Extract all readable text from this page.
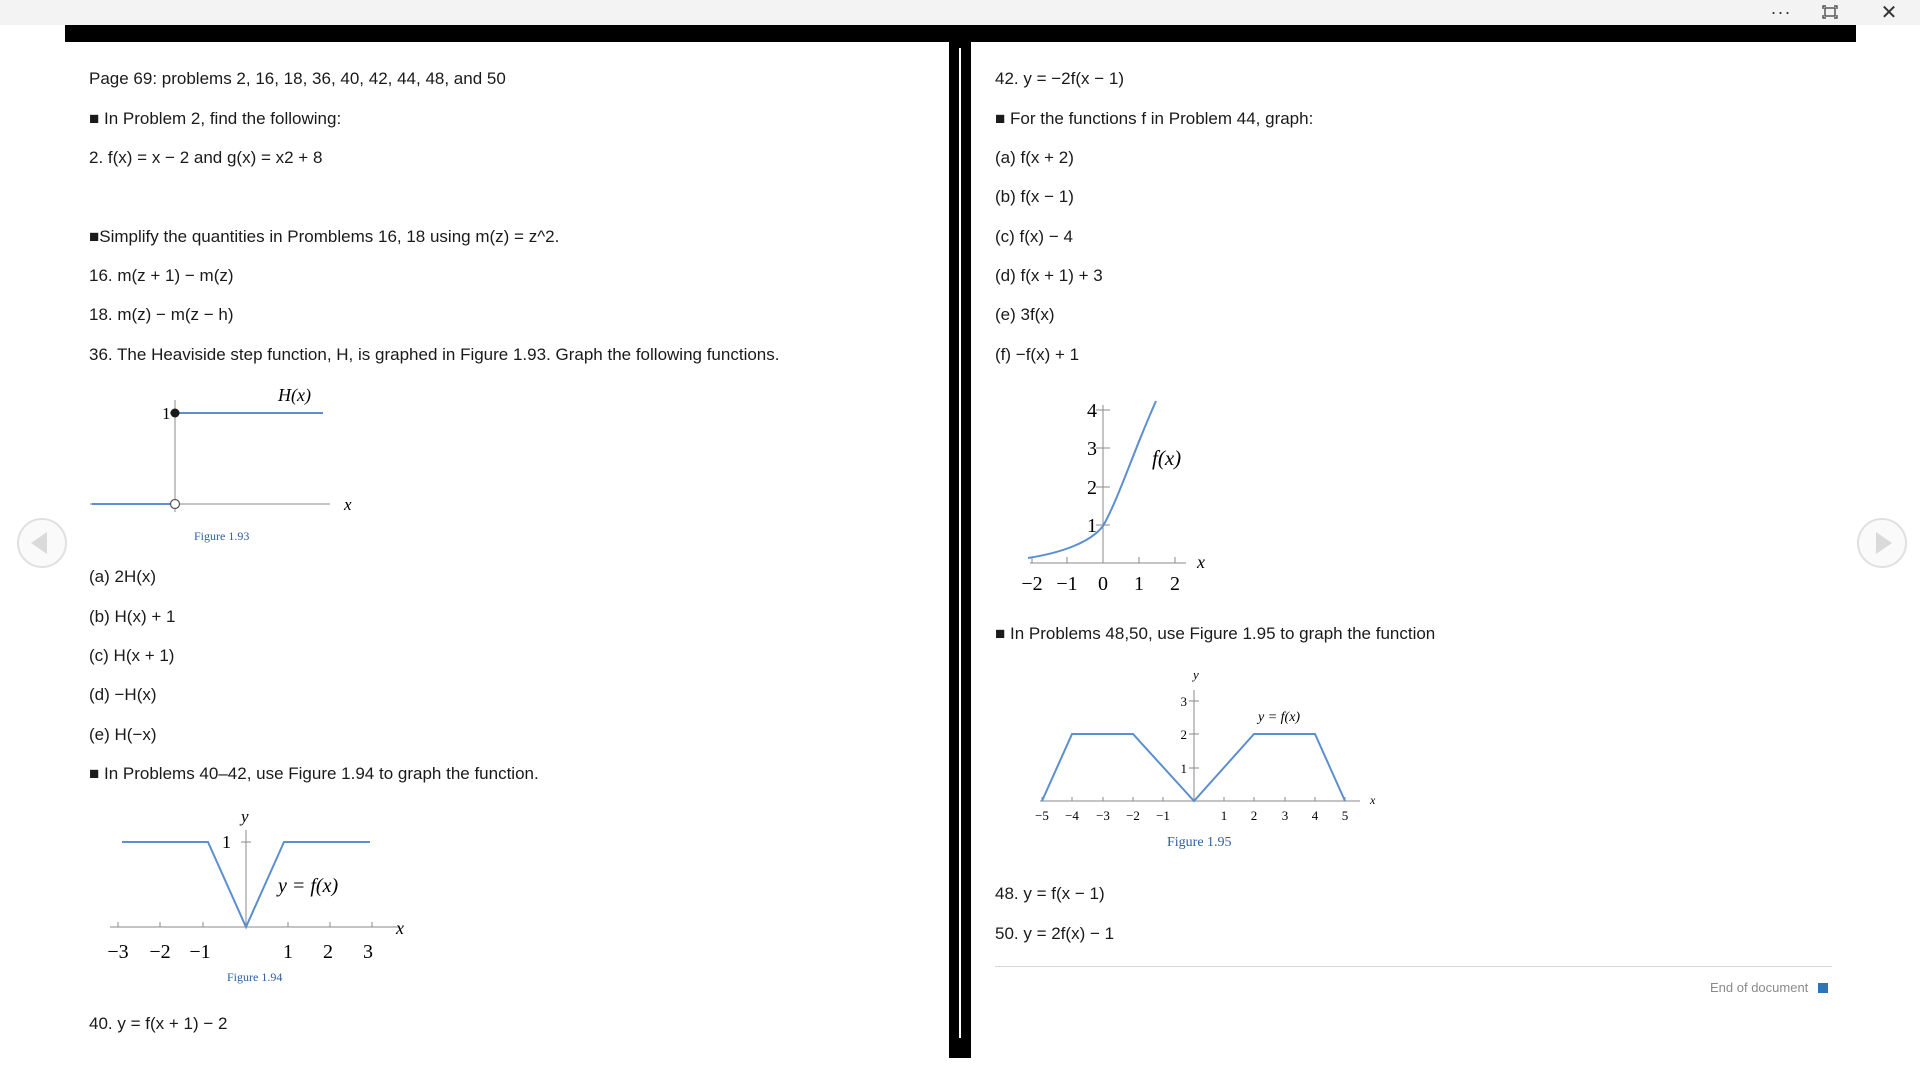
···	✕
Page 69: problems 2, 16, 18, 36, 40, 42, 44, 48, and 50
■ In Problem 2, find the following:
2. f(x) = x − 2 and g(x) = x2 + 8
■Simplify the quantities in Promblems 16, 18 using m(z) = z^2.
16. m(z + 1) − m(z)
18. m(z) − m(z − h)
36. The Heaviside step function, H, is graphed in Figure 1.93. Graph the following functions.
(a) 2H(x)
(b) H(x) + 1
(c) H(x + 1)
(d) −H(x)
(e) H(−x)
■ In Problems 40–42, use Figure 1.94 to graph the function.
40. y = f(x + 1) − 2
1
H(x)
x
Figure 1.93
y
1
y = f(x)
x
−3 −2 −1	1 2 3
Figure 1.94
42. y = −2f(x − 1)
■ For the functions f in Problem 44, graph:
(a) f(x + 2)
(b) f(x − 1)
(c) f(x) − 4
(d) f(x + 1) + 3
(e) 3f(x)
(f) −f(x) + 1
■ In Problems 48,50, use Figure 1.95 to graph the function
48. y = f(x − 1)
50. y = 2f(x) − 1
4
3
2
1
f(x)
x
−2 −1 0 1 2
y
3
2
1
y = f(x)
x
−5 −4 −3 −2 −1	1 2 3 4 5
Figure 1.95
End of document
